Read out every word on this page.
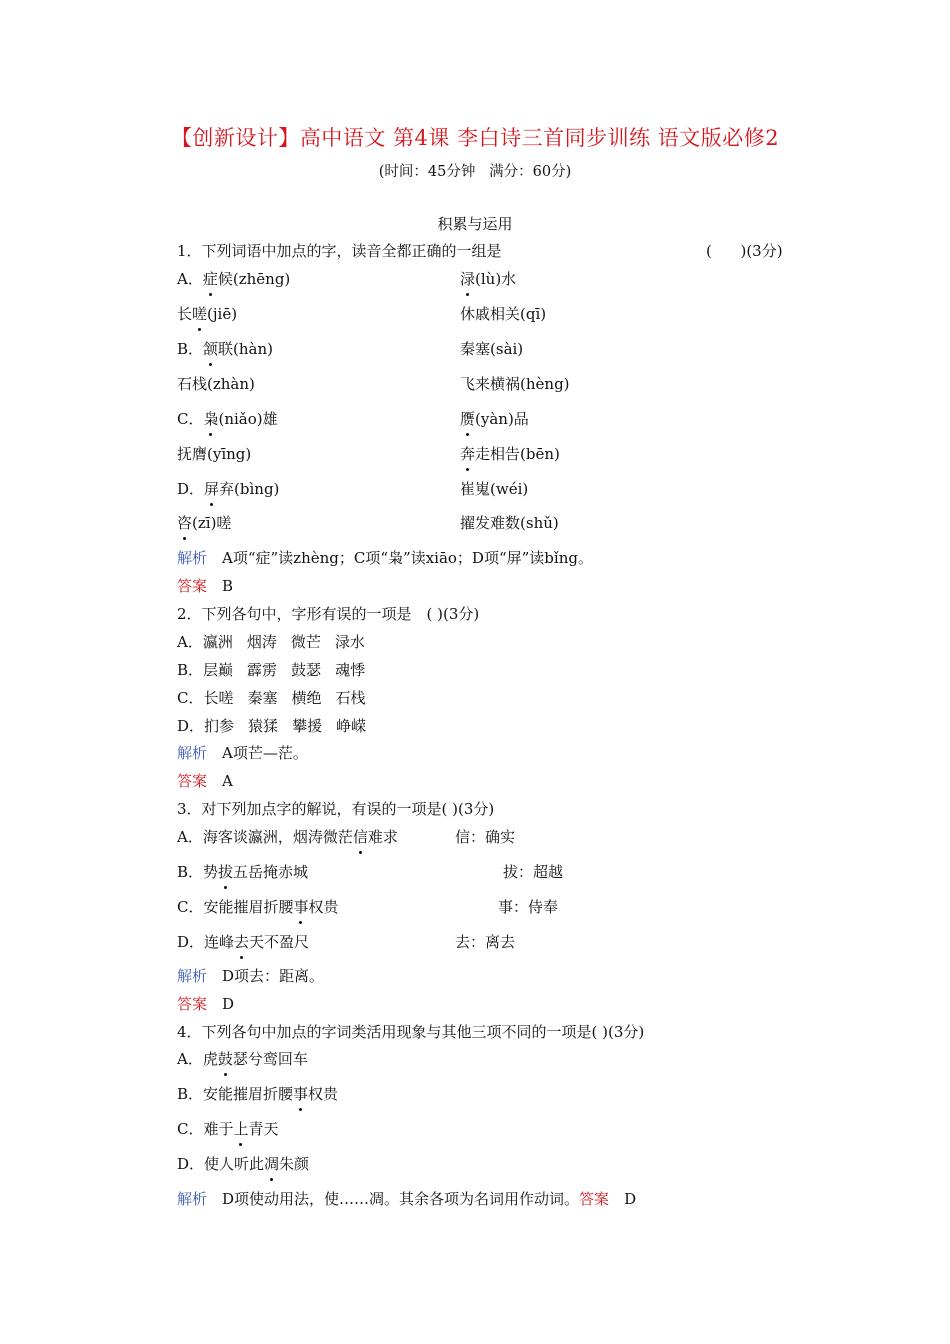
【创新设计】高中语文 第4课 李白诗三首同步训练 语文版必修2
(时间：45分钟   满分：60分)
积累与运用
1．下列词语中加点的字，读音全都正确的一组是	(      )(3分)
A．症候(zhēng)	渌(lù)水
长嗟(jiē)	休戚相关(qī)
B．颔联(hàn)	秦塞(sài)
石栈(zhàn)	飞来横祸(hèng)
C．枭(niǎo)雄	赝(yàn)品
抚膺(yīng)	奔走相告(bēn)
D．屏弃(bìng)	崔嵬(wéi)
咨(zī)嗟	擢发难数(shǔ)
解析　A项“症”读zhèng；C项“枭”读xiāo；D项“屏”读bǐng。
答案　B
2．下列各句中，字形有误的一项是　( )(3分)
A．瀛洲 烟涛 微芒 渌水
B．层巅 霹雳 鼓瑟 魂悸
C．长嗟 秦塞 横绝 石栈
D．扪参 猿猱 攀援 峥嵘
解析　A项芒—茫。
答案　A
3．对下列加点字的解说，有误的一项是( )(3分)
A．海客谈瀛洲，烟涛微茫信难求	信：确实
B．势拔五岳掩赤城	拔：超越
C．安能摧眉折腰事权贵	事：侍奉
D．连峰去天不盈尺	去：离去
解析　D项去：距离。
答案　D
4．下列各句中加点的字词类活用现象与其他三项不同的一项是( )(3分)
A．虎鼓瑟兮鸾回车
B．安能摧眉折腰事权贵
C．难于上青天
D．使人听此凋朱颜
解析　D项使动用法，使……凋。其余各项为名词用作动词。答案　D
